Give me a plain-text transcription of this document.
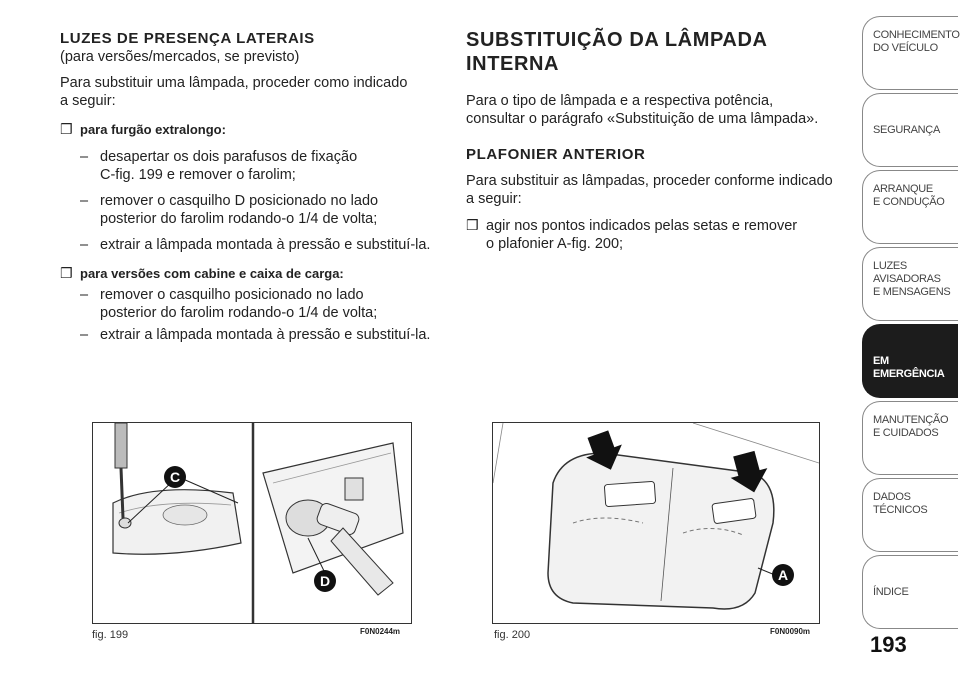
LUZES DE PRESENÇA LATERAIS
(para versões/mercados, se previsto)
Para substituir uma lâmpada, proceder como indicado
a seguir:
❒ para furgão extralongo:
– desapertar os dois parafusos de fixação
C-fig. 199 e remover o farolim;
– remover o casquilho D posicionado no lado
posterior do farolim rodando-o 1/4 de volta;
– extrair a lâmpada montada à pressão e substituí-la.
❒ para versões com cabine e caixa de carga:
– remover o casquilho posicionado no lado
posterior do farolim rodando-o 1/4 de volta;
– extrair a lâmpada montada à pressão e substituí-la.
SUBSTITUIÇÃO DA LÂMPADA
INTERNA
Para o tipo de lâmpada e a respectiva potência,
consultar o parágrafo «Substituição de uma lâmpada».
PLAFONIER ANTERIOR
Para substituir as lâmpadas, proceder conforme indicado
a seguir:
❒ agir nos pontos indicados pelas setas e remover
o plafonier A-fig. 200;
C
D
fig. 199	F0N0244m
A
fig. 200	F0N0090m
CONHECIMENTO
DO VEÍCULO
SEGURANÇA
ARRANQUE
E CONDUÇÃO
LUZES
AVISADORAS
E MENSAGENS
EM EMERGÊNCIA
MANUTENÇÃO
E CUIDADOS
DADOS
TÉCNICOS
ÍNDICE
193
